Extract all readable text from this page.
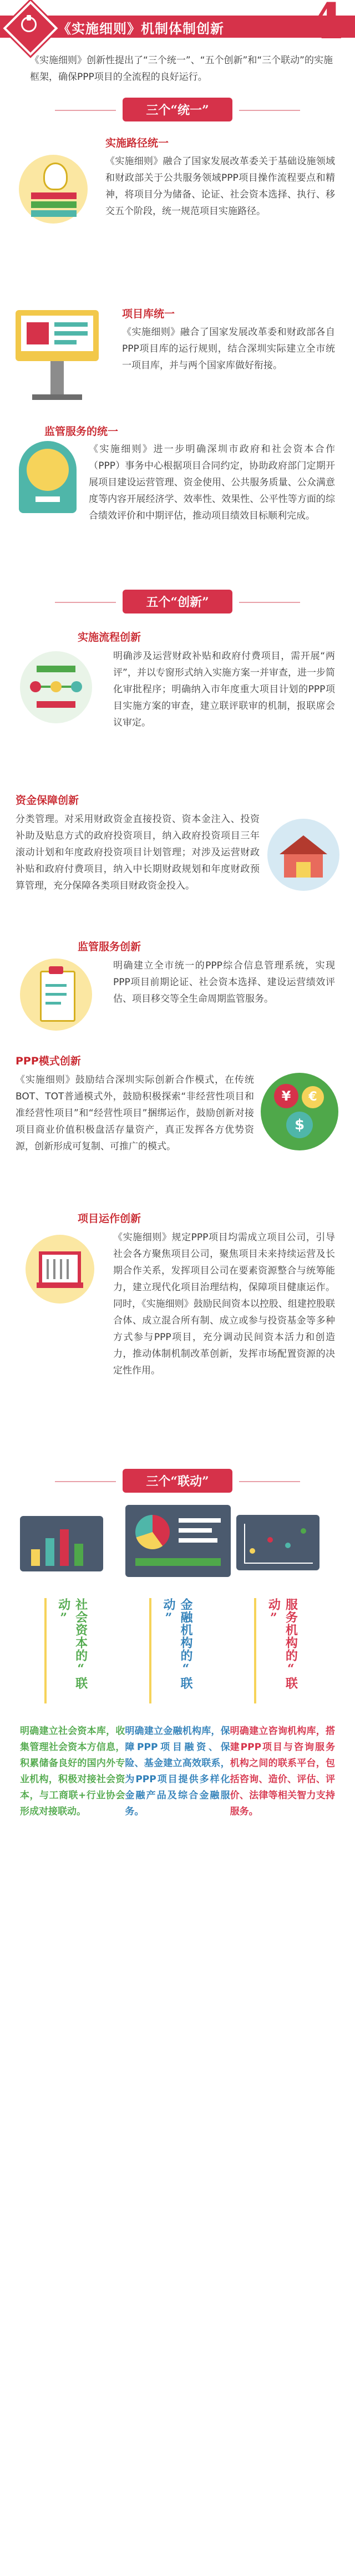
《实施细则》机制体制创新 4

《实施细则》创新性提出了“三个统一”、“五个创新”和“三个联动”的实施框架，确保PPP项目的全流程的良好运行。

三个“统一”
实施路径统一

《实施细则》融合了国家发展改革委关于基础设施领域和财政部关于公共服务领域PPP项目操作流程要点和精神，将项目分为储备、论证、社会资本选择、执行、移交五个阶段，统一规范项目实施路径。

项目库统一

《实施细则》融合了国家发展改革委和财政部各自PPP项目库的运行规则，结合深圳实际建立全市统一项目库，并与两个国家库做好衔接。

监管服务的统一

《实施细则》进一步明确深圳市政府和社会资本合作（PPP）事务中心根据项目合同约定，协助政府部门定期开展项目建设运营管理、资金使用、公共服务质量、公众满意度等内容开展经济学、效率性、效果性、公平性等方面的综合绩效评价和中期评估，推动项目绩效目标顺利完成。

五个“创新”
实施流程创新

明确涉及运营财政补贴和政府付费项目，需开展“两评”，并以专窗形式纳入实施方案一并审查，进一步简化审批程序；明确纳入市年度重大项目计划的PPP项目实施方案的审查，建立联评联审的机制，报联席会议审定。

资金保障创新

分类管理。对采用财政资金直接投资、资本金注入、投资补助及贴息方式的政府投资项目，纳入政府投资项目三年滚动计划和年度政府投资项目计划管理；对涉及运营财政补贴和政府付费项目，纳入中长期财政规划和年度财政预算管理，充分保障各类项目财政资金投入。

监管服务创新

明确建立全市统一的PPP综合信息管理系统，实现PPP项目前期论证、社会资本选择、建设运营绩效评估、项目移交等全生命周期监管服务。

PPP模式创新

《实施细则》鼓励结合深圳实际创新合作模式，在传统BOT、TOT普通模式外，鼓励积极探索“非经营性项目和准经营性项目”和“经营性项目”捆绑运作，鼓励创新对接项目商业价值积极盘活存量资产，真正发挥各方优势资源，创新形成可复制、可推广的模式。

¥	€
$
项目运作创新

《实施细则》规定PPP项目均需成立项目公司，引导社会各方聚焦项目公司，聚焦项目未来持续运营及长期合作关系，发挥项目公司在要素资源整合与统筹能力，建立现代化项目治理结构，保障项目健康运作。同时，《实施细则》鼓励民间资本以控股、组建控股联合体、成立混合所有制、成立或参与投资基金等多种方式参与PPP项目，充分调动民间资本活力和创造力，推动体制机制改革创新，发挥市场配置资源的决定性作用。

三个“联动”
社会资本的“联动”
明确建立社会资本库，收集管理社会资本方信息，积累储备良好的国内外专业机构，积极对接社会资本，与工商联+行业协会形成对接联动。
金融机构的“联动”
明确建立金融机构库，保障PPP项目融资、保险、基金建立高效联系，为PPP项目提供多样化金融产品及综合金融服务。
服务机构的“联动”
明确建立咨询机构库，搭建PPP项目与咨询服务机构之间的联系平台，包括咨询、造价、评估、评价、法律等相关智力支持服务。
